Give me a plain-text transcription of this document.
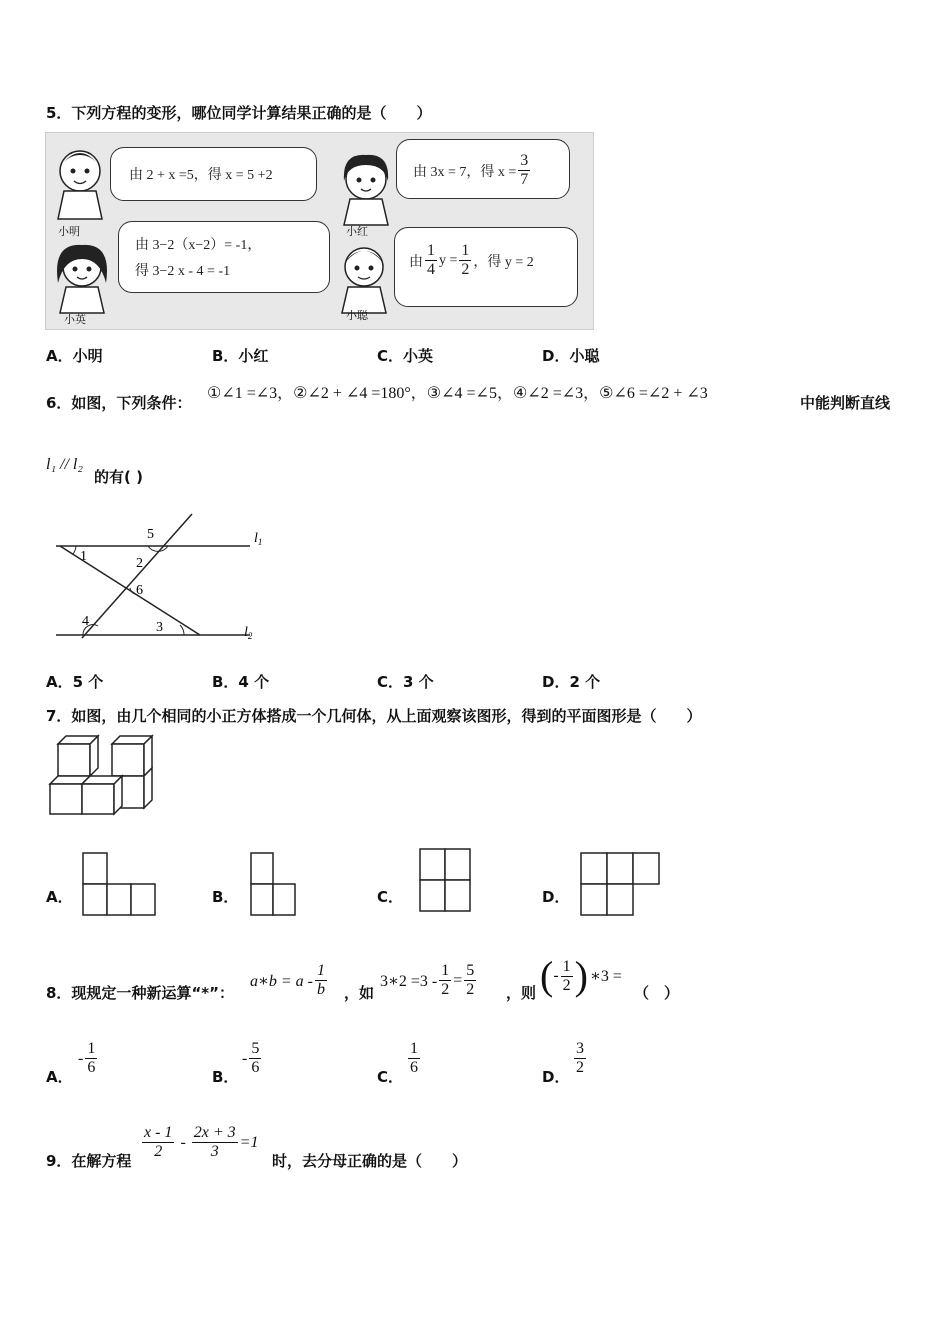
5．下列方程的变形，哪位同学计算结果正确的是（　　）
小明
由 2 + x =5，得 x = 5 +2
小红
由 3x = 7，得 $x = \frac{3}{7}$
小英
由 3−2（x−2）= -1，
得 3−2 x - 4 = -1
小聪
由 $\frac{1}{4}$ $y = \frac{1}{2}$ ，得 y = 2
A．小明	B．小红	C．小英	D．小聪
6．如图，下列条件：
①∠1 =∠3，②∠2 + ∠4 =180°，③∠4 =∠5，④∠2 =∠3，⑤∠6 =∠2 + ∠3
中能判断直线
l₁ // l₂
的有( )
$l_1$
$l_2$
1	2
3
4
5
6
A．5 个	B．4 个	C．3 个	D．2 个
7．如图，由几个相同的小正方体搭成一个几何体，从上面观察该图形，得到的平面图形是（　　）
A．	B．	C．	D．
8．现规定一种新运算“*”：
a∗b = a - $\frac{1}{b}$ ，如
3∗2 $=3 - \frac{1}{2} = \frac{5}{2}$ ，则 ( - $\frac{1}{2}$ ) ∗3 =
（　）
A．
- $\frac{1}{6}$	B．
- $\frac{5}{6}$	C． $\frac{1}{6}$	D． $\frac{3}{2}$
9．在解方程 $\frac{x - 1}{2} - \frac{2x + 3}{3} =1$
时，去分母正确的是（　　）
